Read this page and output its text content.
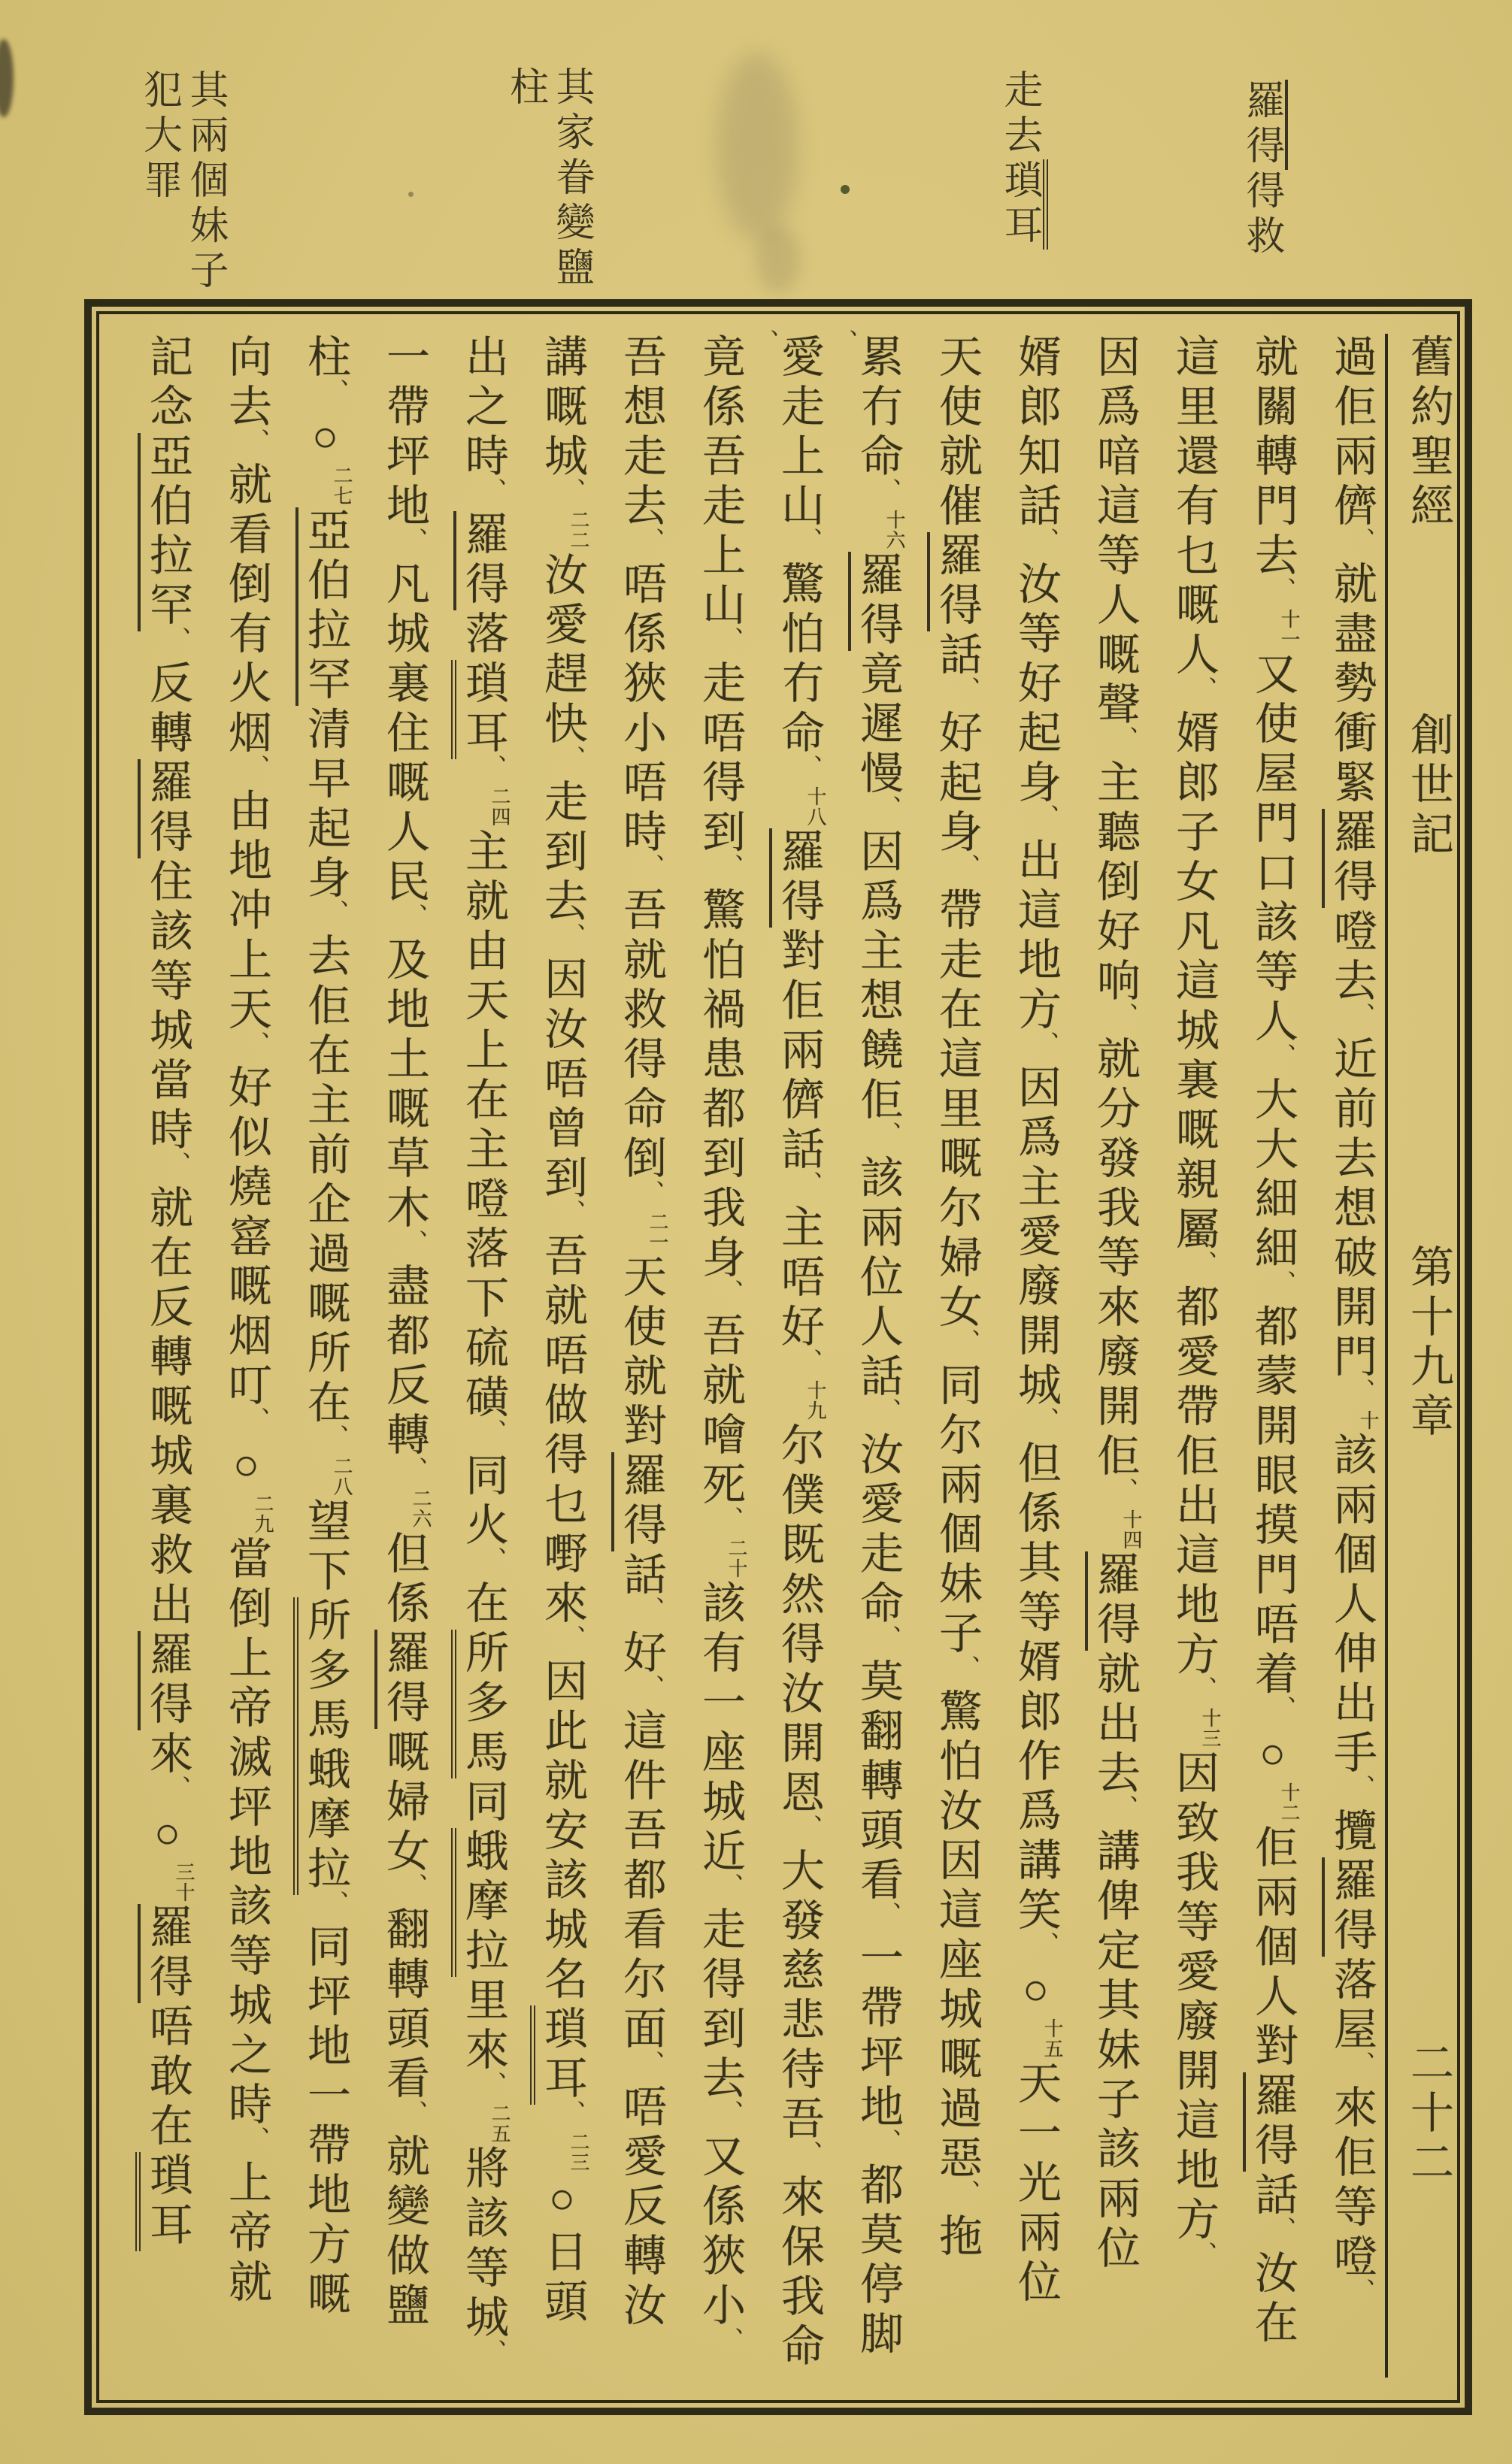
羅得得救
走去瑣耳
其家眷變鹽柱
其兩個妹子犯大罪
舊約聖經 創世記 第十九章 二十二
過佢兩儕、就盡勢衝緊羅得噔去、近前去想破開門、十該兩個人伸出手、攬羅得落屋、來佢等噔、
就關轉門去、十一又使屋門口該等人、大大細細、都蒙開眼摸門唔着、○十二佢兩個人對羅得話、汝在
這里還有乜嘅人、婿郎子女凡這城裏嘅親屬、都愛帶佢出這地方、十三因致我等愛廢開這地方、
因爲喑這等人嘅聲、主聽倒好响、就分發我等來廢開佢、十四羅得就出去、講俾定其妹子該兩位
婿郎知話、汝等好起身、出這地方、因爲主愛廢開城、但係其等婿郎作爲講笑、○十五天一光兩位
天使就催羅得話、好起身、帶走在這里嘅尔婦女、同尔兩個妹子、驚怕汝因這座城嘅過惡、拖
累冇命、十六羅得竟遲慢、因爲主想饒佢、該兩位人話、汝愛走命、莫翻轉頭看、一帶坪地、都莫停脚、
愛走上山、驚怕冇命、十八羅得對佢兩儕話、主唔好、十九尔僕既然得汝開恩、大發慈悲待吾、來保我命、
竟係吾走上山、走唔得到、驚怕禍患都到我身、吾就噲死、二十該有一座城近、走得到去、又係狹小、
吾想走去、唔係狹小唔時、吾就救得命倒、二一天使就對羅得話、好、這件吾都看尔面、唔愛反轉汝
講嘅城、二二汝愛趕快、走到去、因汝唔曾到、吾就唔做得乜嘢來、因此就安該城名瑣耳、二三○日頭
出之時、羅得落瑣耳、二四主就由天上在主噔落下硫磺、同火、在所多馬同蛾摩拉里來、二五將該等城、
一帶坪地、凡城裏住嘅人民、及地土嘅草木、盡都反轉、二六但係羅得嘅婦女、翻轉頭看、就變做鹽
柱、○二七亞伯拉罕清早起身、去佢在主前企過嘅所在、二八望下所多馬蛾摩拉、同坪地一帶地方嘅
向去、就看倒有火烟、由地冲上天、好似燒窰嘅烟叮、○二九當倒上帝滅坪地該等城之時、上帝就
記念亞伯拉罕、反轉羅得住該等城當時、就在反轉嘅城裏救出羅得來、○三十羅得唔敢在瑣耳
